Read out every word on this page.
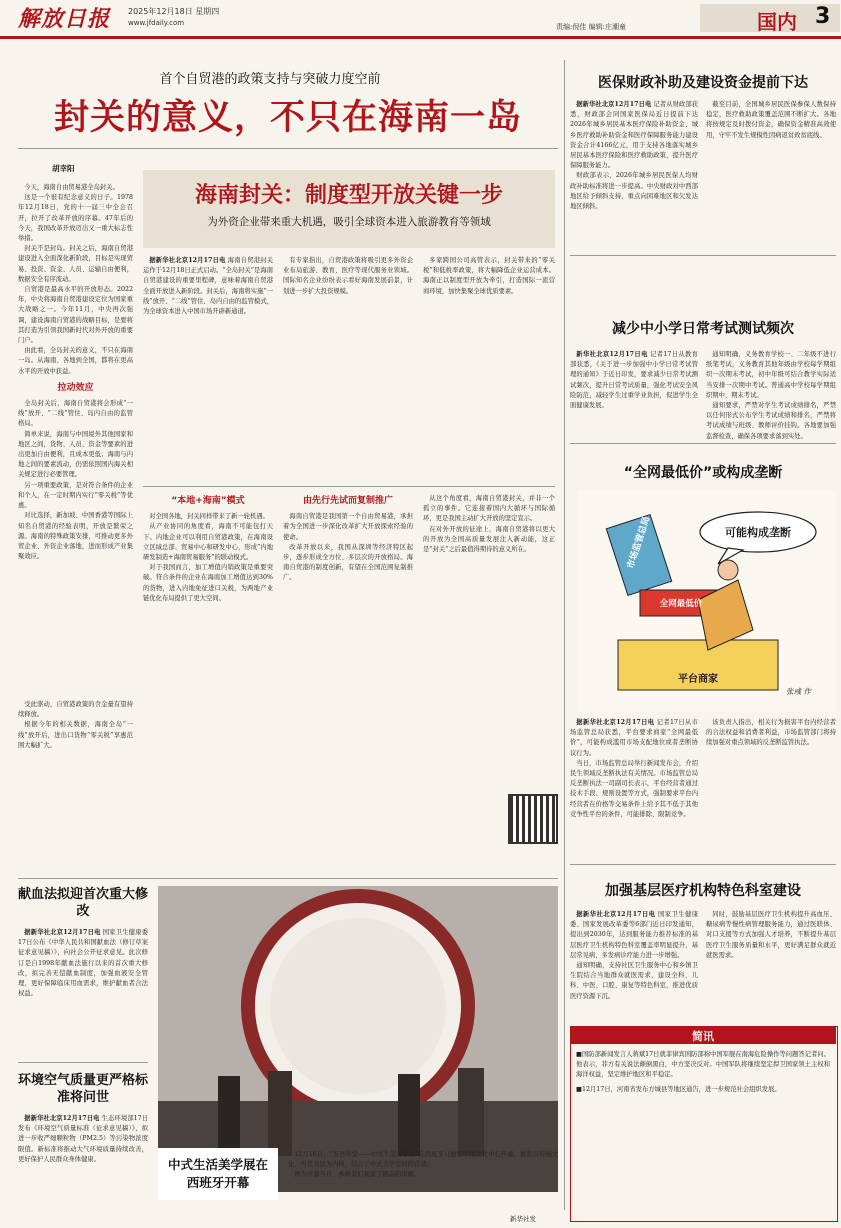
解放日报 2025年12月18日 星期四
www.jfdaily.com	责编:倪佳 编辑:庄潮童	国内 3
首个自贸港的政策支持与突破力度空前
封关的意义，不只在海南一岛
胡幸阳

今天，海南自由贸易港全岛封关。

这是一个很有纪念意义的日子。1978年12月18日，党的十一届三中全会召开，拉开了改革开放的序幕。47年后的今天，我国改革开放迈出又一重大标志性举措。

封关不是封岛。封关之后，海南自贸港建设进入全面深化新阶段，目标是实现贸易、投资、资金、人员、运输自由便利，数据安全有序流动。

自贸港是最高水平的开放形态。2022年，中央将海南自贸港建设定位为国家重大战略之一。今年11月，中央再次强调，建设海南自贸港的战略目标，是要将其打造为引领我国新时代对外开放的重要门户。

由此看，全岛封关的意义，不只在海南一岛。从海南、各地到全国，都将在更高水平的开放中获益。

拉动效应

全岛封关后，海南自贸港将会形成“一线”放开、“二线”管住、岛内自由的监管格局。

简单来说，海南与中国境外其他国家和地区之间，货物、人员、资金等要素的进出更加自由便利，且成本更低；海南与内地之间的要素流动，仍需依照国内海关相关规定进行必要管理。

另一项重要政策，是对符合条件的企业和个人，在一定时期内实行“零关税”等优惠。

对比选择，新加坡、中国香港等国际上知名自贸港的经验表明，开放是繁荣之源。海南的特殊政策安排，可推动更多外贸企业、外资企业落地，进而形成产业集聚效应。

受此驱动，自贸港政策的含金量有望持续释放。

根据今年的相关数据，海南全岛“一线”放开后，进出口货物“零关税”享惠范围大幅扩大。

海南封关：制度型开放关键一步
为外资企业带来重大机遇，吸引全球资本进入旅游教育等领域

据新华社北京12月17日电 海南自贸港封关运作于12月18日正式启动。“全岛封关”是海南自贸港建设的重要里程碑，意味着海南自贸港全面开放进入新阶段。封关后，海南将实施“一线”放开、“二线”管住、岛内自由的监管模式，为全球资本进入中国市场开辟新通道。

有专家指出，自贸港政策将吸引更多外资企业布局旅游、教育、医疗等现代服务业领域。国际知名企业纷纷表示看好海南发展前景，计划进一步扩大投资规模。

多家跨国公司高管表示，封关带来的“零关税”和低税率政策，将大幅降低企业运营成本。海南正以制度型开放为牵引，打造国际一流营商环境，加快集聚全球优质要素。

“本地+海南”模式

对全国各地，封关同样带来了新一轮机遇。

从产业协同的角度看，海南不可能包打天下。内地企业可以利用自贸港政策，在海南设立区域总部、贸易中心和研发中心，形成“内地研发制造+海南贸易服务”的联动模式。

对于我国而言，加工增值内销政策是重要突破。符合条件的企业在海南加工增值达到30%的货物，进入内地免征进口关税，为两地产业链优化布局提供了更大空间。

由先行先试而复制推广

海南自贸港是我国第一个自由贸易港，承担着为全国进一步深化改革扩大开放探索经验的使命。

改革开放以来，我国从深圳等经济特区起步，逐步形成全方位、多层次的开放格局。海南自贸港的制度创新，有望在全国范围复制推广。

从这个角度看，海南自贸港封关，并非一个孤立的事件。它连接着国内大循环与国际循环，更是我国主动扩大开放的坚定宣示。

在对外开放的征途上，海南自贸港将以更大的开放为全国高质量发展注入新动能，这正是“封关”之后最值得期待的意义所在。

医保财政补助及建设资金提前下达

据新华社北京12月17日电 记者从财政部获悉，财政部会同国家医保局近日提前下达2026年城乡居民基本医疗保险补助资金、城乡医疗救助补助资金和医疗保障服务能力建设资金合计4166亿元，用于支持各地落实城乡居民基本医疗保险和医疗救助政策，提升医疗保障服务能力。

财政部表示，2026年城乡居民医保人均财政补助标准将进一步提高。中央财政对中西部地区给予倾斜支持，重点向困难地区和欠发达地区倾斜。

截至目前，全国城乡居民医保参保人数保持稳定，医疗救助政策覆盖范围不断扩大。各地将按规定及时拨付资金，确保资金精准高效使用，守牢不发生规模性因病返贫致贫底线。

减少中小学日常考试测试频次

新华社北京12月17日电 记者17日从教育部获悉，《关于进一步加强中小学日常考试管理的通知》于近日印发，要求减少日常考试测试频次，提升日常考试质量，强化考试安全风险防范，减轻学生过重学业负担，促进学生全面健康发展。

通知明确，义务教育学校一、二年级不进行纸笔考试，义务教育其他年级由学校每学期组织一次期末考试，初中年级可结合教学实际适当安排一次期中考试。普通高中学校每学期组织期中、期末考试。

通知要求，严禁对学生考试成绩排名，严禁以任何形式公布学生考试成绩和排名，严禁将考试成绩与班级、教师评价挂钩。各地要加强监督检查，确保各项要求落到实处。

“全网最低价”或构成垄断
可能构成垄断
市场监管总局
全网最低价
平台商家
张彧 作

据新华社北京12月17日电 记者17日从市场监管总局获悉，平台要求商家“全网最低价”，可能构成滥用市场支配地位或者垄断协议行为。

当日，市场监管总局举行新闻发布会，介绍民生领域反垄断执法有关情况。市场监管总局反垄断执法一司副司长表示，平台经营者通过技术手段、规则设置等方式，强制要求平台内经营者在价格等交易条件上给予其不低于其他竞争性平台的条件，可能排除、限制竞争。

该负责人指出，相关行为损害平台内经营者的合法权益和消费者利益，市场监管部门将持续加强对重点领域的反垄断监管执法。

加强基层医疗机构特色科室建设

据新华社北京12月17日电 国家卫生健康委、国家发展改革委等6部门近日印发通知，提出到2030年，达到服务能力推荐标准的基层医疗卫生机构特色科室覆盖率明显提升，基层常见病、多发病诊疗能力进一步增强。

通知明确，支持社区卫生服务中心和乡镇卫生院结合当地群众就医需求，建设全科、儿科、中医、口腔、康复等特色科室，推进优质医疗资源下沉。

同时，鼓励基层医疗卫生机构提升高血压、糖尿病等慢性病管理服务能力，通过医联体、对口支援等方式加强人才培养，不断提升基层医疗卫生服务质量和水平，更好满足群众就近就医需求。

简讯

■国防部新闻发言人蒋斌17日就菲律宾国防部称中国军舰在南海危险操作等问题答记者问。他表示，菲方有关说法颠倒黑白，中方坚决反对。中国军队将继续坚定捍卫国家领土主权和海洋权益，坚定维护地区和平稳定。

■12月17日，河南省发布方城县等地区通告，进一步规范社会组织发展。

献血法拟迎首次重大修改

据新华社北京12月17日电 国家卫生健康委17日公布《中华人民共和国献血法（修订草案征求意见稿）》，向社会公开征求意见。此次修订是自1998年献血法施行以来的首次重大修改，拟完善无偿献血制度，加强血液安全管理，更好保障临床用血需求，维护献血者合法权益。

环境空气质量更严格标准将问世

据新华社北京12月17日电 生态环境部17日发布《环境空气质量标准（征求意见稿）》，拟进一步收严细颗粒物（PM2.5）等污染物浓度限值。新标准将推动大气环境质量持续改善，更好保护人民群众身体健康。	中式生活美学展在西班牙开幕

12月16日，“安吾草堂——中式生活美学展”在西班牙马德里中国文化中心开幕。展览以传统文化、当代表达为内核，结合了中式美学空间的营造。

图为开幕当日，参观者们观看了展品的讲解。

新华社发
